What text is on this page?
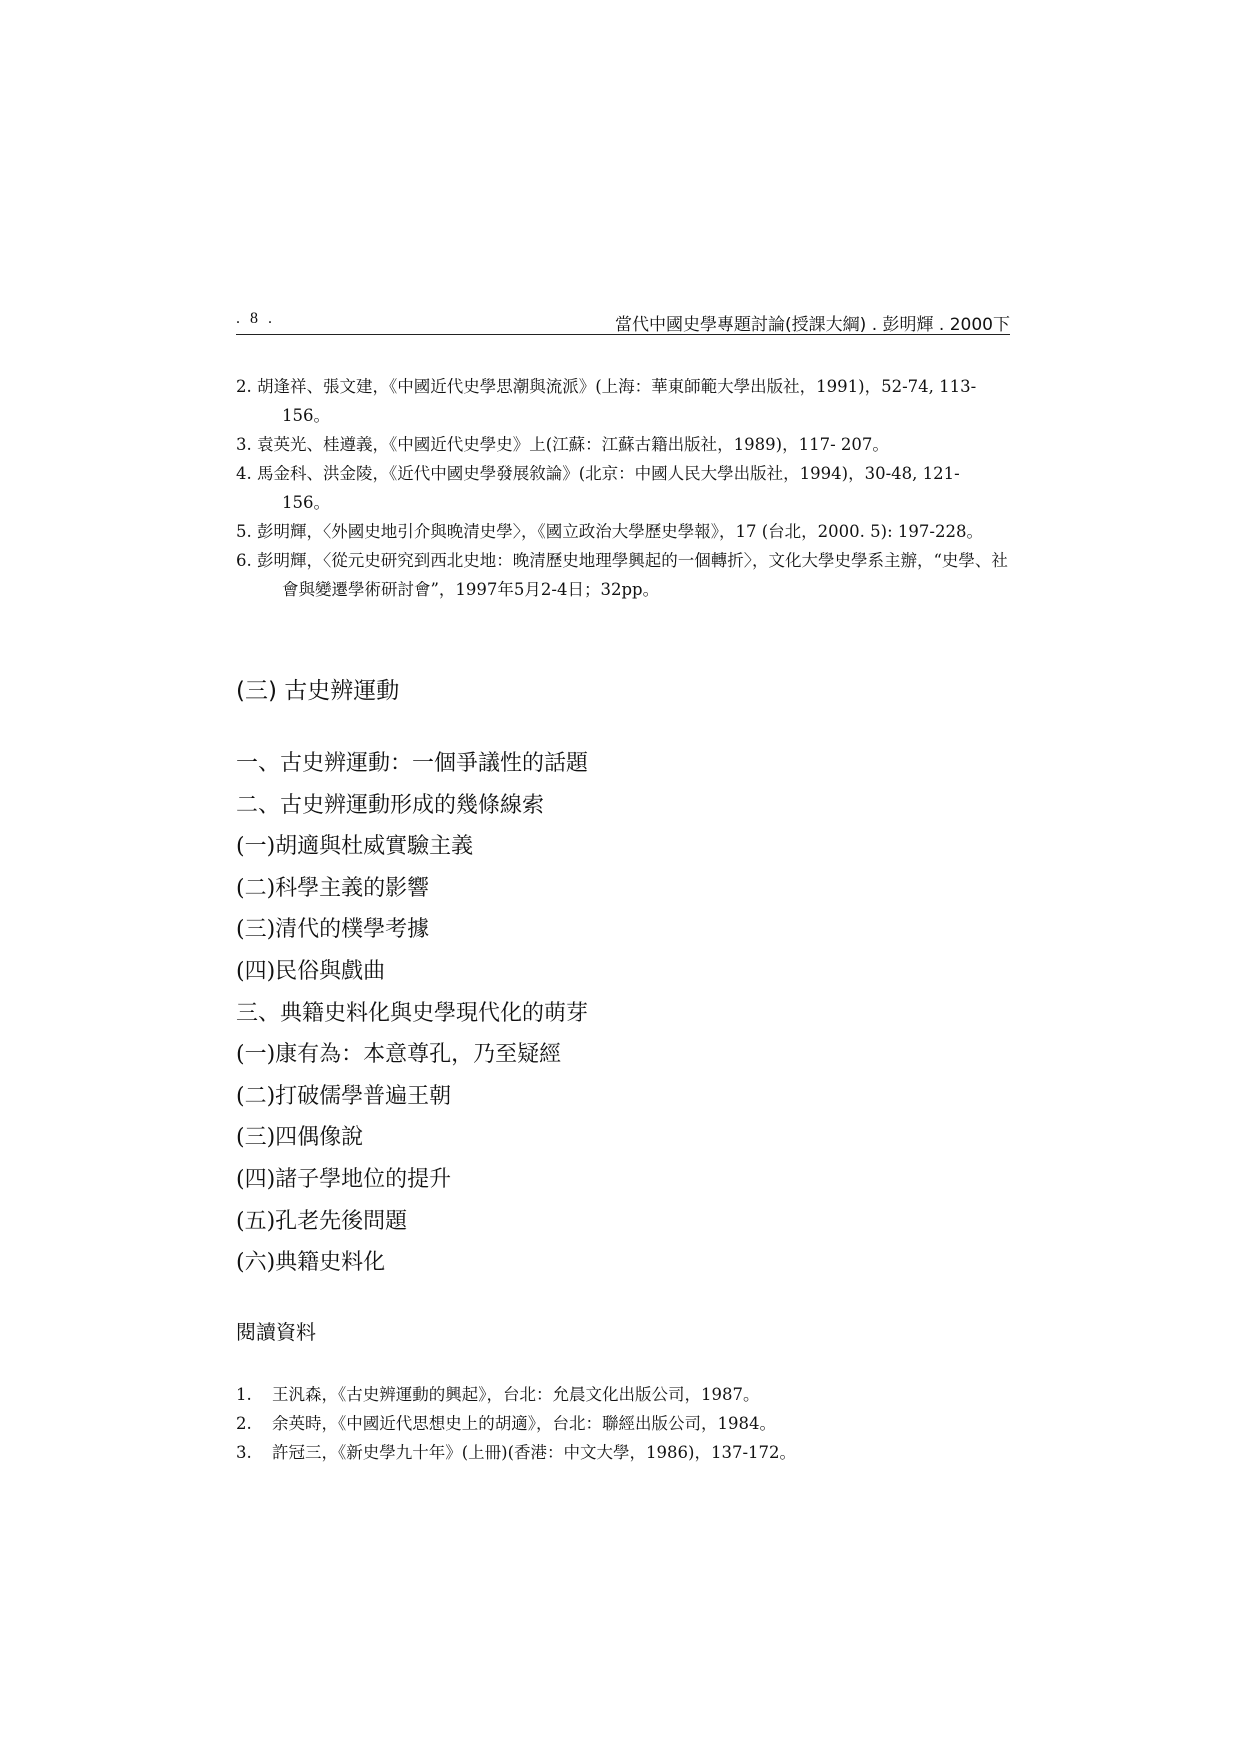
. 8 .	當代中國史學專題討論(授課大綱) . 彭明輝 . 2000下
2. 胡逢祥、張文建，《中國近代史學思潮與流派》(上海：華東師範大學出版社，1991)，52-74, 113- 156。
3. 袁英光、桂遵義，《中國近代史學史》上(江蘇：江蘇古籍出版社，1989)，117- 207。
4. 馬金科、洪金陵，《近代中國史學發展敘論》(北京：中國人民大學出版社，1994)，30-48, 121- 156。
5. 彭明輝，〈外國史地引介與晚清史學〉，《國立政治大學歷史學報》，17 (台北，2000. 5): 197-228。
6. 彭明輝，〈從元史研究到西北史地：晚清歷史地理學興起的一個轉折〉，文化大學史學系主辦，“史學、社會與變遷學術研討會”，1997年5月2-4日；32pp。
(三) 古史辨運動
一、古史辨運動：一個爭議性的話題
二、古史辨運動形成的幾條線索
(一)胡適與杜威實驗主義
(二)科學主義的影響
(三)清代的樸學考據
(四)民俗與戲曲
三、典籍史料化與史學現代化的萌芽
(一)康有為：本意尊孔，乃至疑經
(二)打破儒學普遍王朝
(三)四偶像說
(四)諸子學地位的提升
(五)孔老先後問題
(六)典籍史料化
閱讀資料
1.	王汎森，《古史辨運動的興起》，台北：允晨文化出版公司，1987。
2.	余英時，《中國近代思想史上的胡適》，台北：聯經出版公司，1984。
3.	許冠三，《新史學九十年》(上冊)(香港：中文大學，1986)，137-172。
